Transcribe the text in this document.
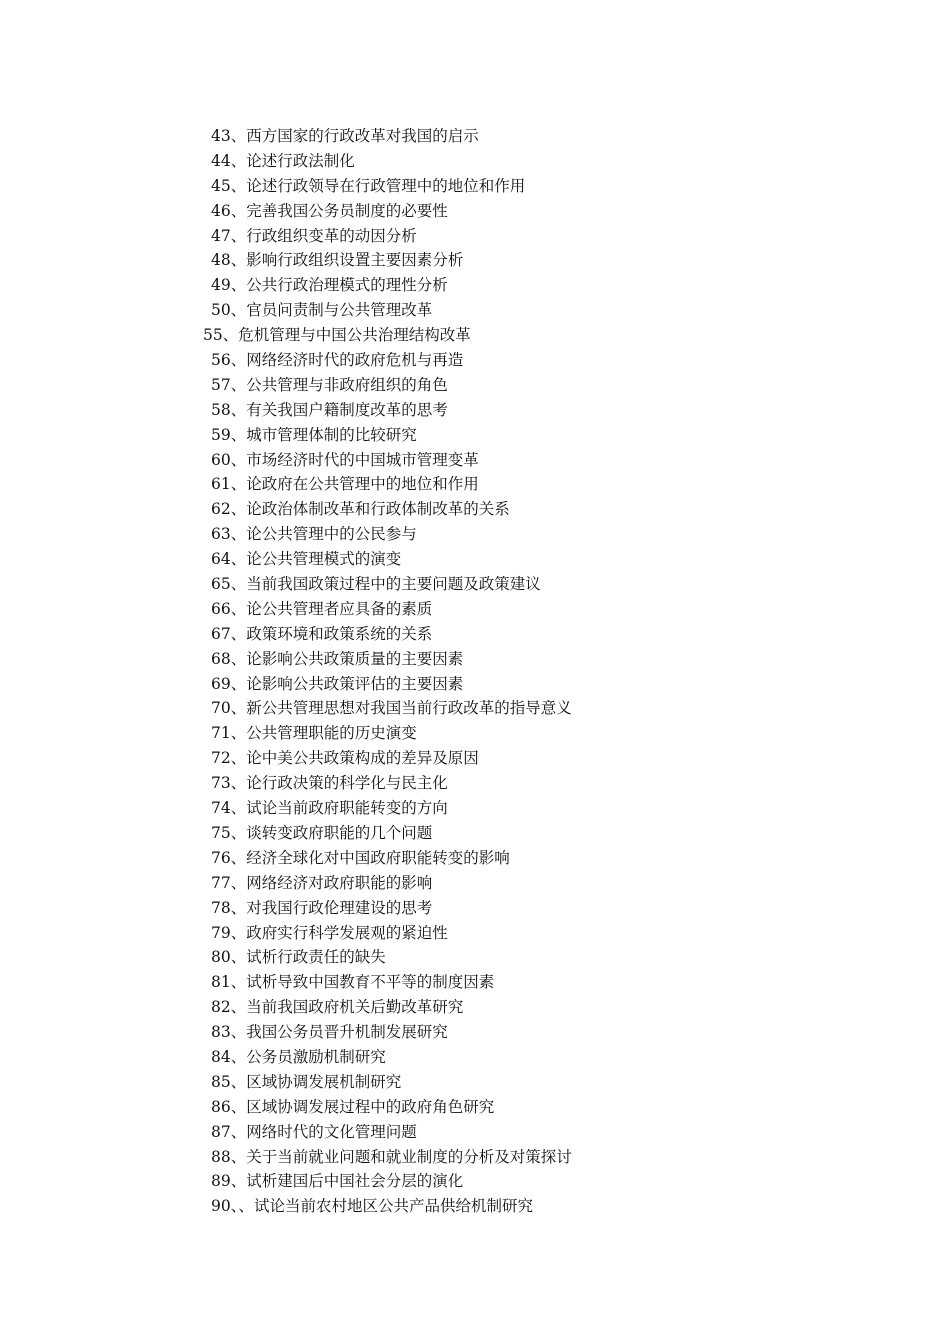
43、西方国家的行政改革对我国的启示
44、论述行政法制化
45、论述行政领导在行政管理中的地位和作用
46、完善我国公务员制度的必要性
47、行政组织变革的动因分析
48、影响行政组织设置主要因素分析
49、公共行政治理模式的理性分析
50、官员问责制与公共管理改革
55、危机管理与中国公共治理结构改革
56、网络经济时代的政府危机与再造
57、公共管理与非政府组织的角色
58、有关我国户籍制度改革的思考
59、城市管理体制的比较研究
60、市场经济时代的中国城市管理变革
61、论政府在公共管理中的地位和作用
62、论政治体制改革和行政体制改革的关系
63、论公共管理中的公民参与
64、论公共管理模式的演变
65、当前我国政策过程中的主要问题及政策建议
66、论公共管理者应具备的素质
67、政策环境和政策系统的关系
68、论影响公共政策质量的主要因素
69、论影响公共政策评估的主要因素
70、新公共管理思想对我国当前行政改革的指导意义
71、公共管理职能的历史演变
72、论中美公共政策构成的差异及原因
73、论行政决策的科学化与民主化
74、试论当前政府职能转变的方向
75、谈转变政府职能的几个问题
76、经济全球化对中国政府职能转变的影响
77、网络经济对政府职能的影响
78、对我国行政伦理建设的思考
79、政府实行科学发展观的紧迫性
80、试析行政责任的缺失
81、试析导致中国教育不平等的制度因素
82、当前我国政府机关后勤改革研究
83、我国公务员晋升机制发展研究
84、公务员激励机制研究
85、区域协调发展机制研究
86、区域协调发展过程中的政府角色研究
87、网络时代的文化管理问题
88、关于当前就业问题和就业制度的分析及对策探讨
89、试析建国后中国社会分层的演化
90、、试论当前农村地区公共产品供给机制研究
